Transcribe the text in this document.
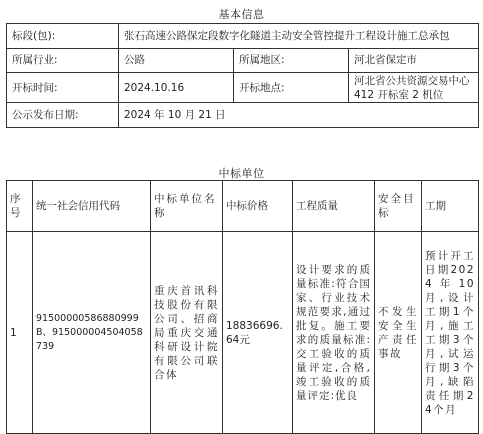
基本信息
标段(包):	张石高速公路保定段数字化隧道主动安全管控提升工程设计施工总承包		
所属行业:	公路	所属地区:	河北省保定市
开标时间:	2024.10.16	开标地点:	河北省公共资源交易中心 412 开标室 2 机位
公示发布日期:	2024 年 10 月 21 日		
中标单位
序号	统一社会信用代码	中标单位名称	中标价格	工程质量	安全目标	工期
1	91500000586880999B、915000004504058739	重庆首讯科技股份有限公司、招商局重庆交通科研设计院有限公司联合体	18836696.64元	设计要求的质量标准:符合国家、行业技术规范要求,通过批复。施工要求的质量标准:交工验收的质量评定,合格,竣工验收的质量评定:优良	不发生安全生产责任事故	预计开工日期2024年10月,设计工期1个月,施工工期3个月,试运行期3个月,缺陷责任期24个月
